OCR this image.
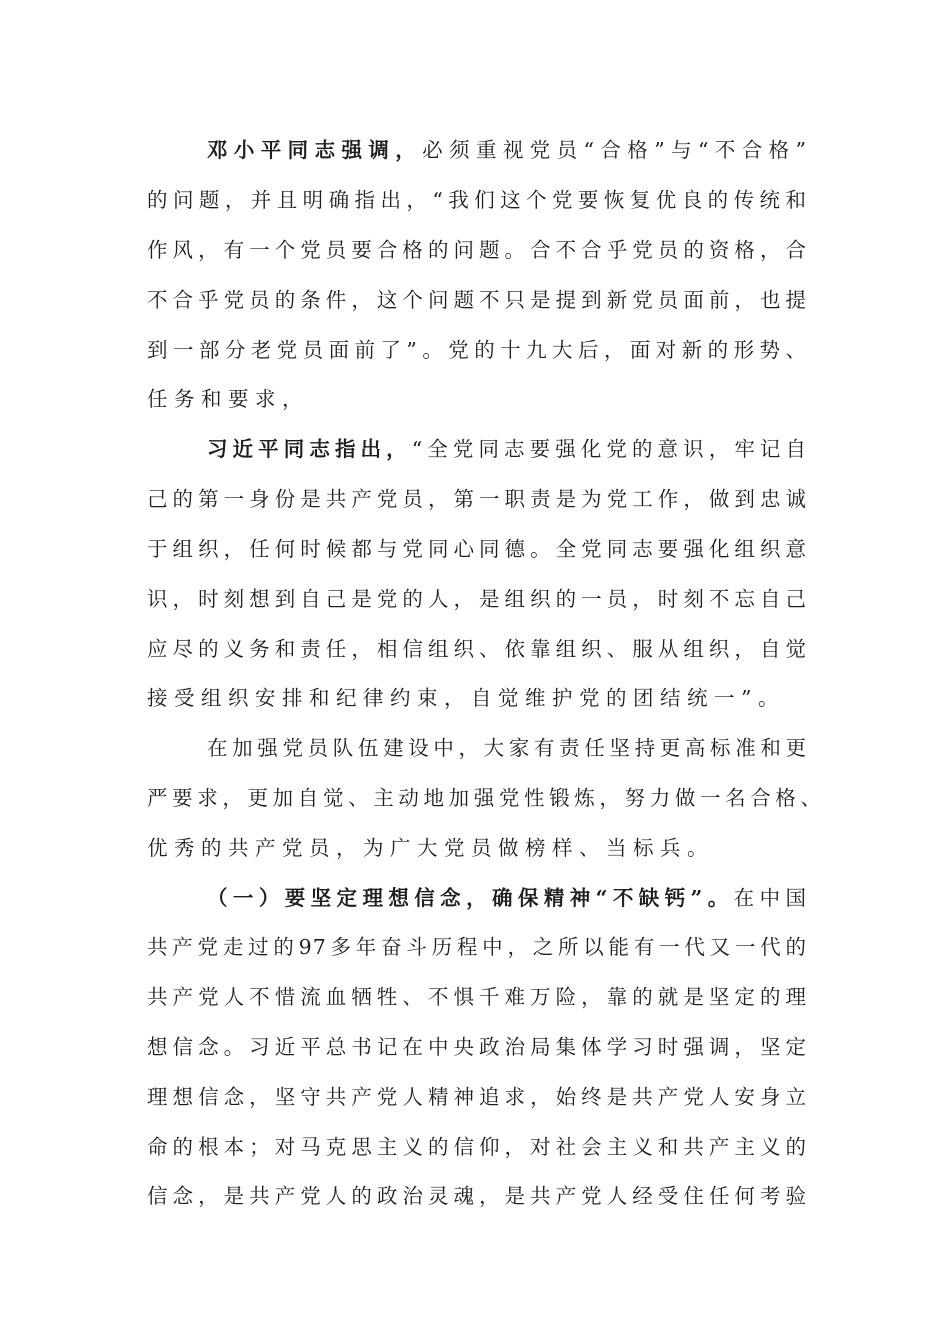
邓小平同志强调，必须重视党员“合格”与“不合格”
的问题，并且明确指出，“我们这个党要恢复优良的传统和
作风，有一个党员要合格的问题。合不合乎党员的资格，合
不合乎党员的条件，这个问题不只是提到新党员面前，也提
到一部分老党员面前了”。党的十九大后，面对新的形势、
任务和要求，
习近平同志指出，“全党同志要强化党的意识，牢记自
己的第一身份是共产党员，第一职责是为党工作，做到忠诚
于组织，任何时候都与党同心同德。全党同志要强化组织意
识，时刻想到自己是党的人，是组织的一员，时刻不忘自己
应尽的义务和责任，相信组织、依靠组织、服从组织，自觉
接受组织安排和纪律约束，自觉维护党的团结统一”。
在加强党员队伍建设中，大家有责任坚持更高标准和更
严要求，更加自觉、主动地加强党性锻炼，努力做一名合格、
优秀的共产党员，为广大党员做榜样、当标兵。
（一）要坚定理想信念，确保精神“不缺钙”。在中国
共产党走过的97多年奋斗历程中，之所以能有一代又一代的
共产党人不惜流血牺牲、不惧千难万险，靠的就是坚定的理
想信念。习近平总书记在中央政治局集体学习时强调，坚定
理想信念，坚守共产党人精神追求，始终是共产党人安身立
命的根本；对马克思主义的信仰，对社会主义和共产主义的
信念，是共产党人的政治灵魂，是共产党人经受住任何考验
